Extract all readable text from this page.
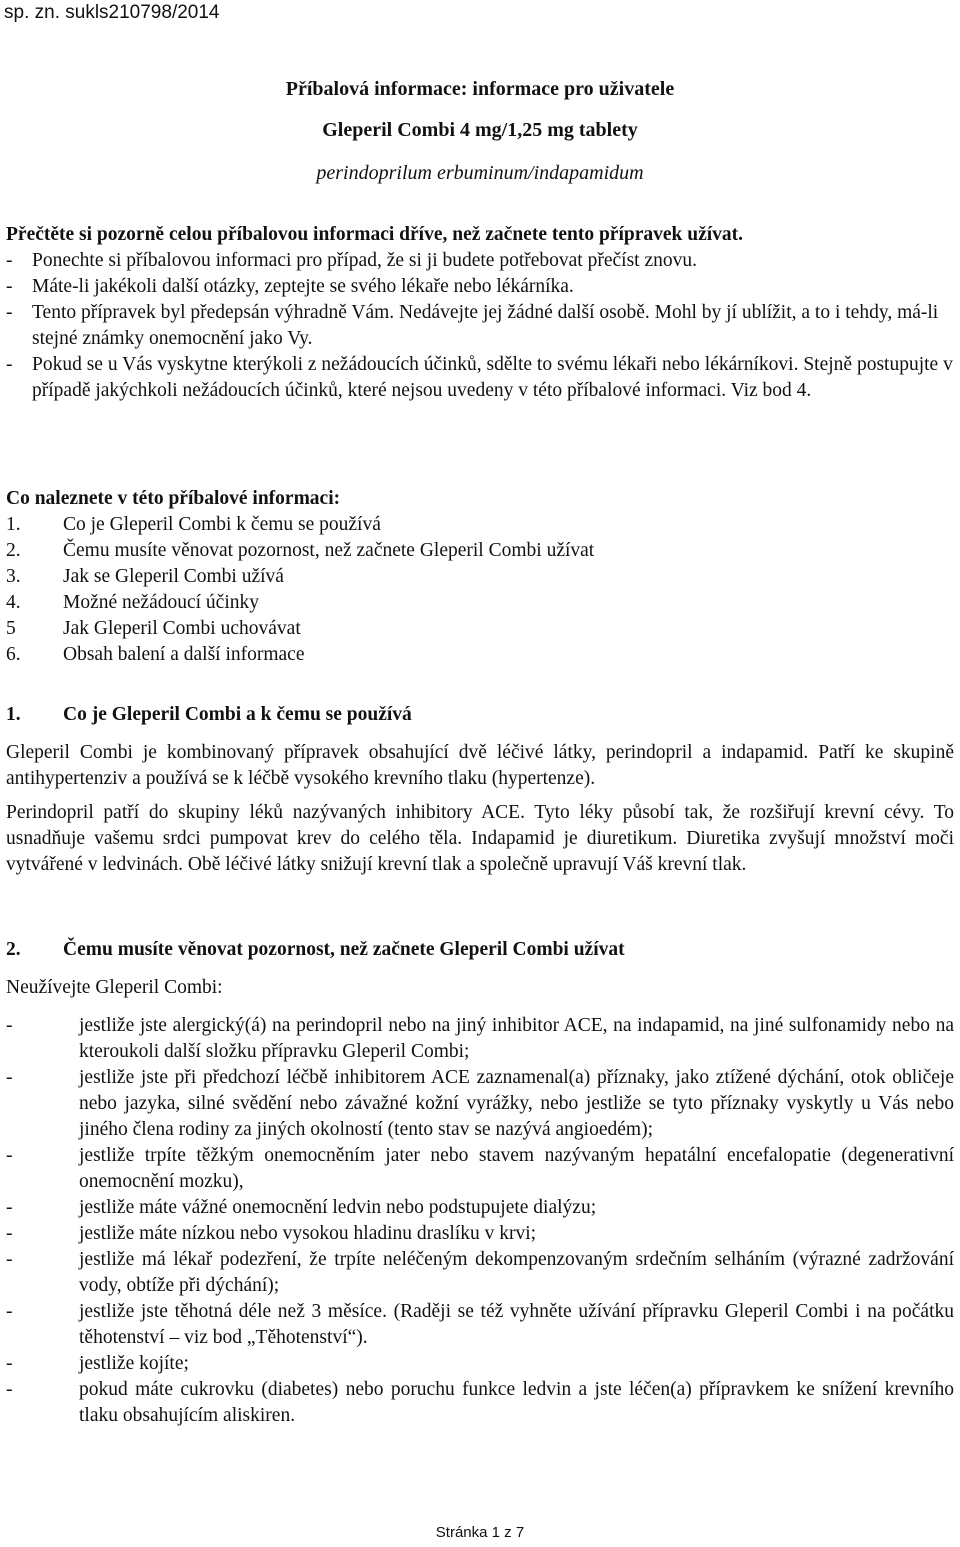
sp. zn. sukls210798/2014
Příbalová informace: informace pro uživatele
Gleperil Combi 4 mg/1,25 mg tablety
perindoprilum erbuminum/indapamidum
Přečtěte si pozorně celou příbalovou informaci dříve, než začnete tento přípravek užívat.
-	Ponechte si příbalovou informaci pro případ, že si ji budete potřebovat přečíst znovu.
-	Máte-li jakékoli další otázky, zeptejte se svého lékaře nebo lékárníka.
-	Tento přípravek byl předepsán výhradně Vám. Nedávejte jej žádné další osobě. Mohl by jí ublížit, a to i tehdy, má-li stejné známky onemocnění jako Vy.
-	Pokud se u Vás vyskytne kterýkoli z nežádoucích účinků, sdělte to svému lékaři nebo lékárníkovi. Stejně postupujte v případě jakýchkoli nežádoucích účinků, které nejsou uvedeny v této příbalové informaci. Viz bod 4.
Co naleznete v této příbalové informaci:
1.	Co je Gleperil Combi k čemu se používá
2.	Čemu musíte věnovat pozornost, než začnete Gleperil Combi užívat
3.	Jak se Gleperil Combi užívá
4.	Možné nežádoucí účinky
5	Jak Gleperil Combi uchovávat
6.	Obsah balení a další informace
1.	Co je Gleperil Combi a k čemu se používá

Gleperil Combi je kombinovaný přípravek obsahující dvě léčivé látky, perindopril a indapamid. Patří ke skupině antihypertenziv a používá se k léčbě vysokého krevního tlaku (hypertenze).

Perindopril patří do skupiny léků nazývaných inhibitory ACE. Tyto léky působí tak, že rozšiřují krevní cévy. To usnadňuje vašemu srdci pumpovat krev do celého těla. Indapamid je diuretikum. Diuretika zvyšují množství moči vytvářené v ledvinách. Obě léčivé látky snižují krevní tlak a společně upravují Váš krevní tlak.

2.	Čemu musíte věnovat pozornost, než začnete Gleperil Combi užívat
Neužívejte Gleperil Combi:
-	jestliže jste alergický(á) na perindopril nebo na jiný inhibitor ACE, na indapamid, na jiné sulfonamidy nebo na kteroukoli další složku přípravku Gleperil Combi;
-	jestliže jste při předchozí léčbě inhibitorem ACE zaznamenal(a) příznaky, jako ztížené dýchání, otok obličeje nebo jazyka, silné svědění nebo závažné kožní vyrážky, nebo jestliže se tyto příznaky vyskytly u Vás nebo jiného člena rodiny za jiných okolností (tento stav se nazývá angioedém);
-	jestliže trpíte těžkým onemocněním jater nebo stavem nazývaným hepatální encefalopatie (degenerativní onemocnění mozku),
-	jestliže máte vážné onemocnění ledvin nebo podstupujete dialýzu;
-	jestliže máte nízkou nebo vysokou hladinu draslíku v krvi;
-	jestliže má lékař podezření, že trpíte neléčeným dekompenzovaným srdečním selháním (výrazné zadržování vody, obtíže při dýchání);
-	jestliže jste těhotná déle než 3 měsíce. (Raději se též vyhněte užívání přípravku Gleperil Combi i na počátku těhotenství – viz bod „Těhotenství“).
-	jestliže kojíte;
-	pokud máte cukrovku (diabetes) nebo poruchu funkce ledvin a jste léčen(a) přípravkem ke snížení krevního tlaku obsahujícím aliskiren.
Stránka 1 z 7
